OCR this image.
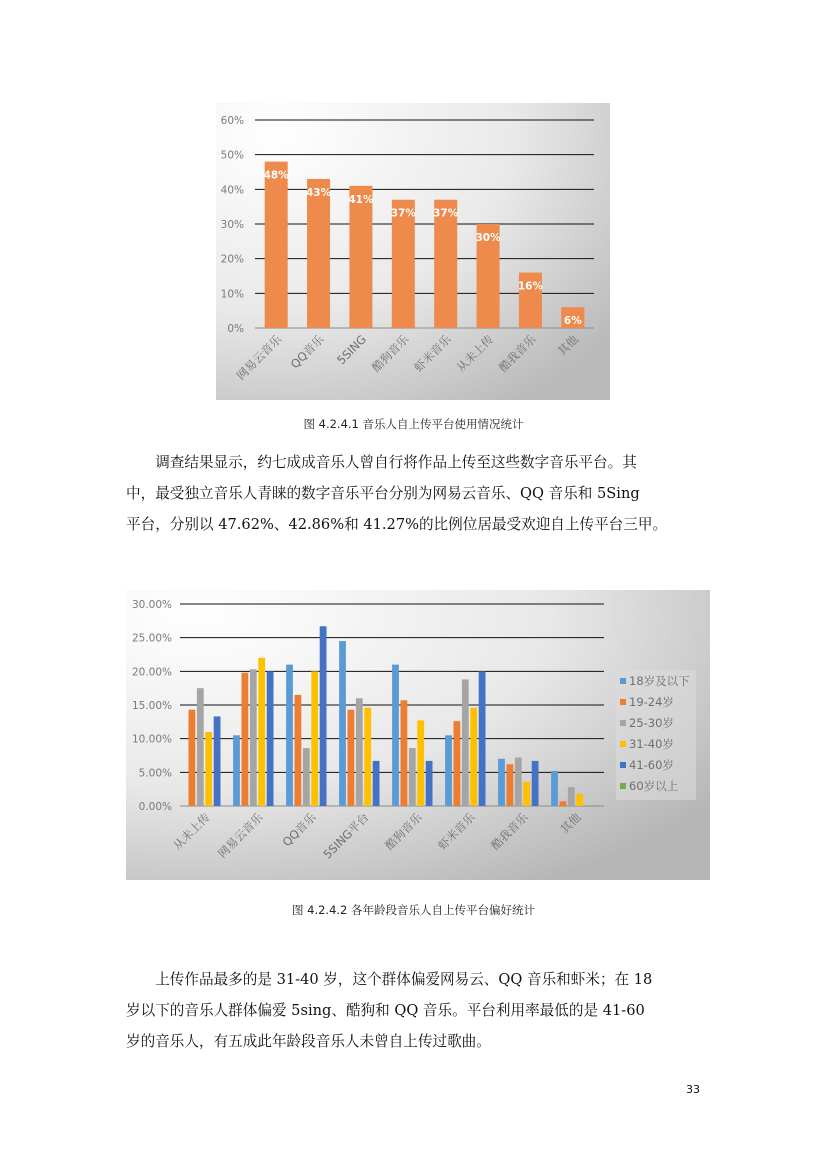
48%
43%
41%
37% 37%
30%
16%
6%
0%
10%
20%
30%
40%
50%
60%
网易云音乐 QQ音乐 5SING 酷狗音乐 虾米音乐 从未上传 酷我音乐 其他
图 4.2.4.1 音乐人自上传平台使用情况统计

　　调查结果显示，约七成成音乐人曾自行将作品上传至这些数字音乐平台。其
中，最受独立音乐人青睐的数字音乐平台分别为网易云音乐、QQ 音乐和 5Sing
平台，分别以 47.62%、42.86%和 41.27%的比例位居最受欢迎自上传平台三甲。

0.00%
5.00%
10.00%
15.00%
20.00%
25.00%
30.00%
从未上传 网易云音乐 QQ音乐 5SING平台 酷狗音乐 虾米音乐 酷我音乐 其他
18岁及以下
19-24岁
25-30岁
31-40岁
41-60岁
60岁以上
图 4.2.4.2 各年龄段音乐人自上传平台偏好统计

　　上传作品最多的是 31-40 岁，这个群体偏爱网易云、QQ 音乐和虾米；在 18
岁以下的音乐人群体偏爱 5sing、酷狗和 QQ 音乐。平台利用率最低的是 41-60
岁的音乐人，有五成此年龄段音乐人未曾自上传过歌曲。

33
